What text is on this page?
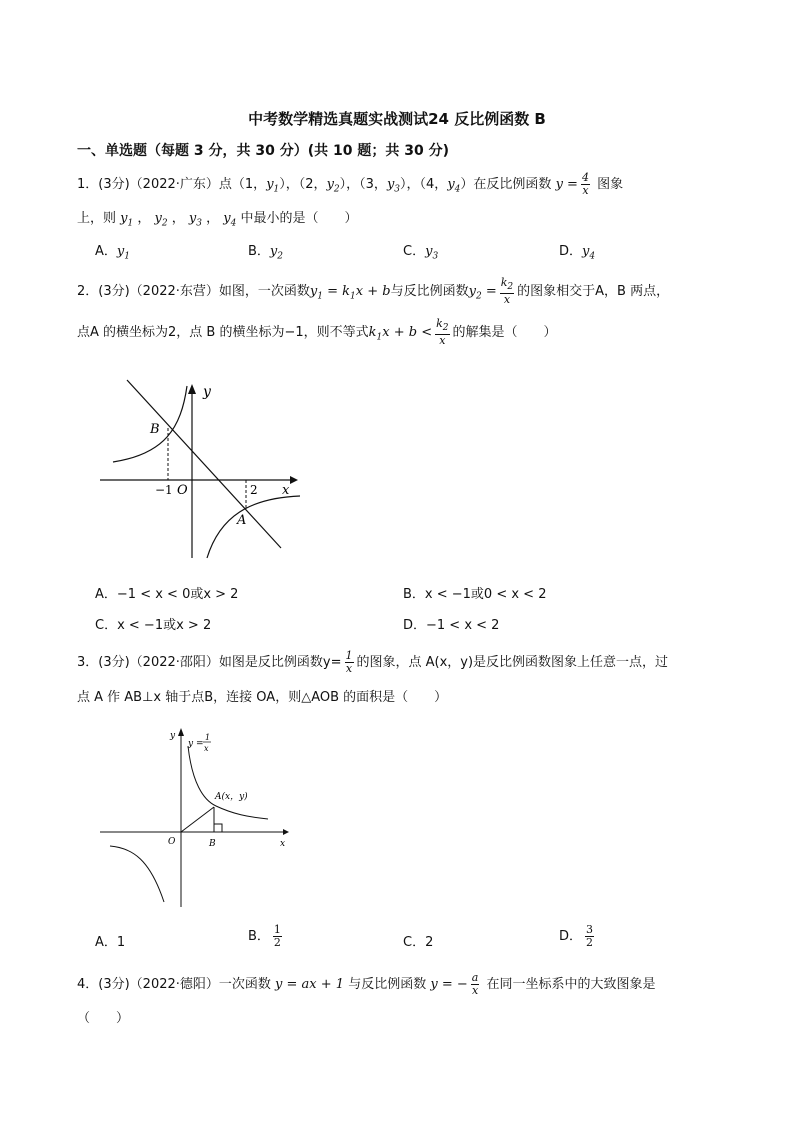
中考数学精选真题实战测试24 反比例函数 B
一、单选题（每题 3 分，共 30 分）(共 10 题；共 30 分)
1．(3分)（2022·广东）点（1，$y_1$），（2，$y_2$），（3，$y_3$），（4，$y_4$）在反比例函数 $y = \frac{4}{x}$ 图象
上，则 $y_1$ ， $y_2$ ， $y_3$ ， $y_4$ 中最小的是（　　）
A．$y_1$	B．$y_2$	C．$y_3$	D．$y_4$
2．(3分)（2022·东营）如图，一次函数$y_1 = k_1x + b$与反比例函数$y_2 = \frac{k_2}{x}$ 的图象相交于A，B 两点，
点A 的横坐标为2，点 B 的横坐标为−1，则不等式$k_1x + b < \frac{k_2}{x}$ 的解集是（　　）
y
x
B
A
O
−1	2
A．−1 < x < 0或x > 2	B．x < −1或0 < x < 2
C．x < −1或x > 2	D．−1 < x < 2
3．(3分)（2022·邵阳）如图是反比例函数$y= \frac{1}{x}$ 的图象，点 A(x，y)是反比例函数图象上任意一点，过
点 A 作 AB⊥x 轴于点B，连接 OA，则△AOB 的面积是（　　）
y
x
O	B
A(x，y)
y =
1
x
A．1	B． $\frac{1}{2}$	C．2	D． $\frac{3}{2}$
4．(3分)（2022·德阳）一次函数 y = ax + 1 与反比例函数 y = − $\frac{a}{x}$ 在同一坐标系中的大致图象是
（　　）
